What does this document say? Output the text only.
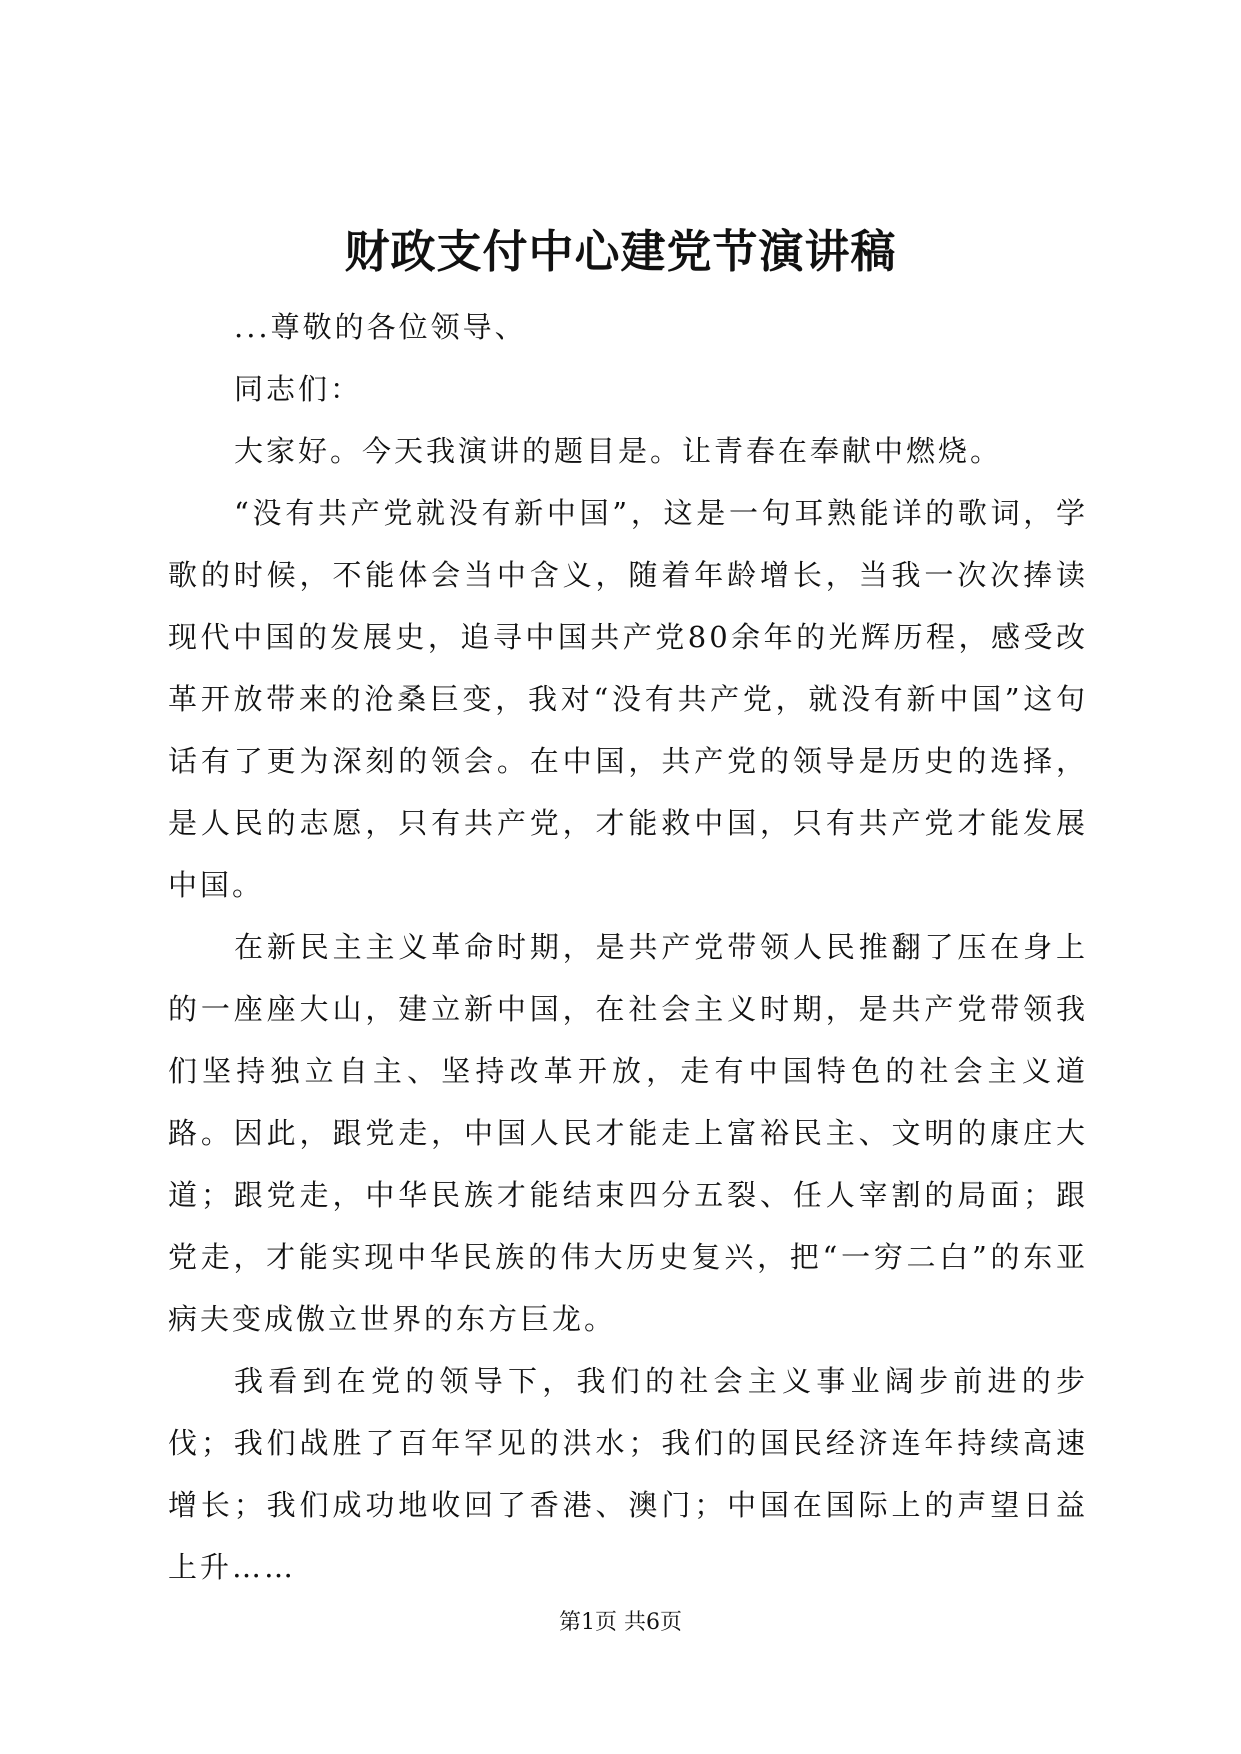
财政支付中心建党节演讲稿

...尊敬的各位领导、

同志们：

大家好。今天我演讲的题目是。让青春在奉献中燃烧。

“没有共产党就没有新中国”，这是一句耳熟能详的歌词，学歌的时候，不能体会当中含义，随着年龄增长，当我一次次捧读现代中国的发展史，追寻中国共产党80余年的光辉历程，感受改革开放带来的沧桑巨变，我对“没有共产党，就没有新中国”这句话有了更为深刻的领会。在中国，共产党的领导是历史的选择，是人民的志愿，只有共产党，才能救中国，只有共产党才能发展中国。

在新民主主义革命时期，是共产党带领人民推翻了压在身上的一座座大山，建立新中国，在社会主义时期，是共产党带领我们坚持独立自主、坚持改革开放，走有中国特色的社会主义道路。因此，跟党走，中国人民才能走上富裕民主、文明的康庄大道；跟党走，中华民族才能结束四分五裂、任人宰割的局面；跟党走，才能实现中华民族的伟大历史复兴，把“一穷二白”的东亚病夫变成傲立世界的东方巨龙。

我看到在党的领导下，我们的社会主义事业阔步前进的步伐；我们战胜了百年罕见的洪水；我们的国民经济连年持续高速增长；我们成功地收回了香港、澳门；中国在国际上的声望日益上升……

第1页 共6页
